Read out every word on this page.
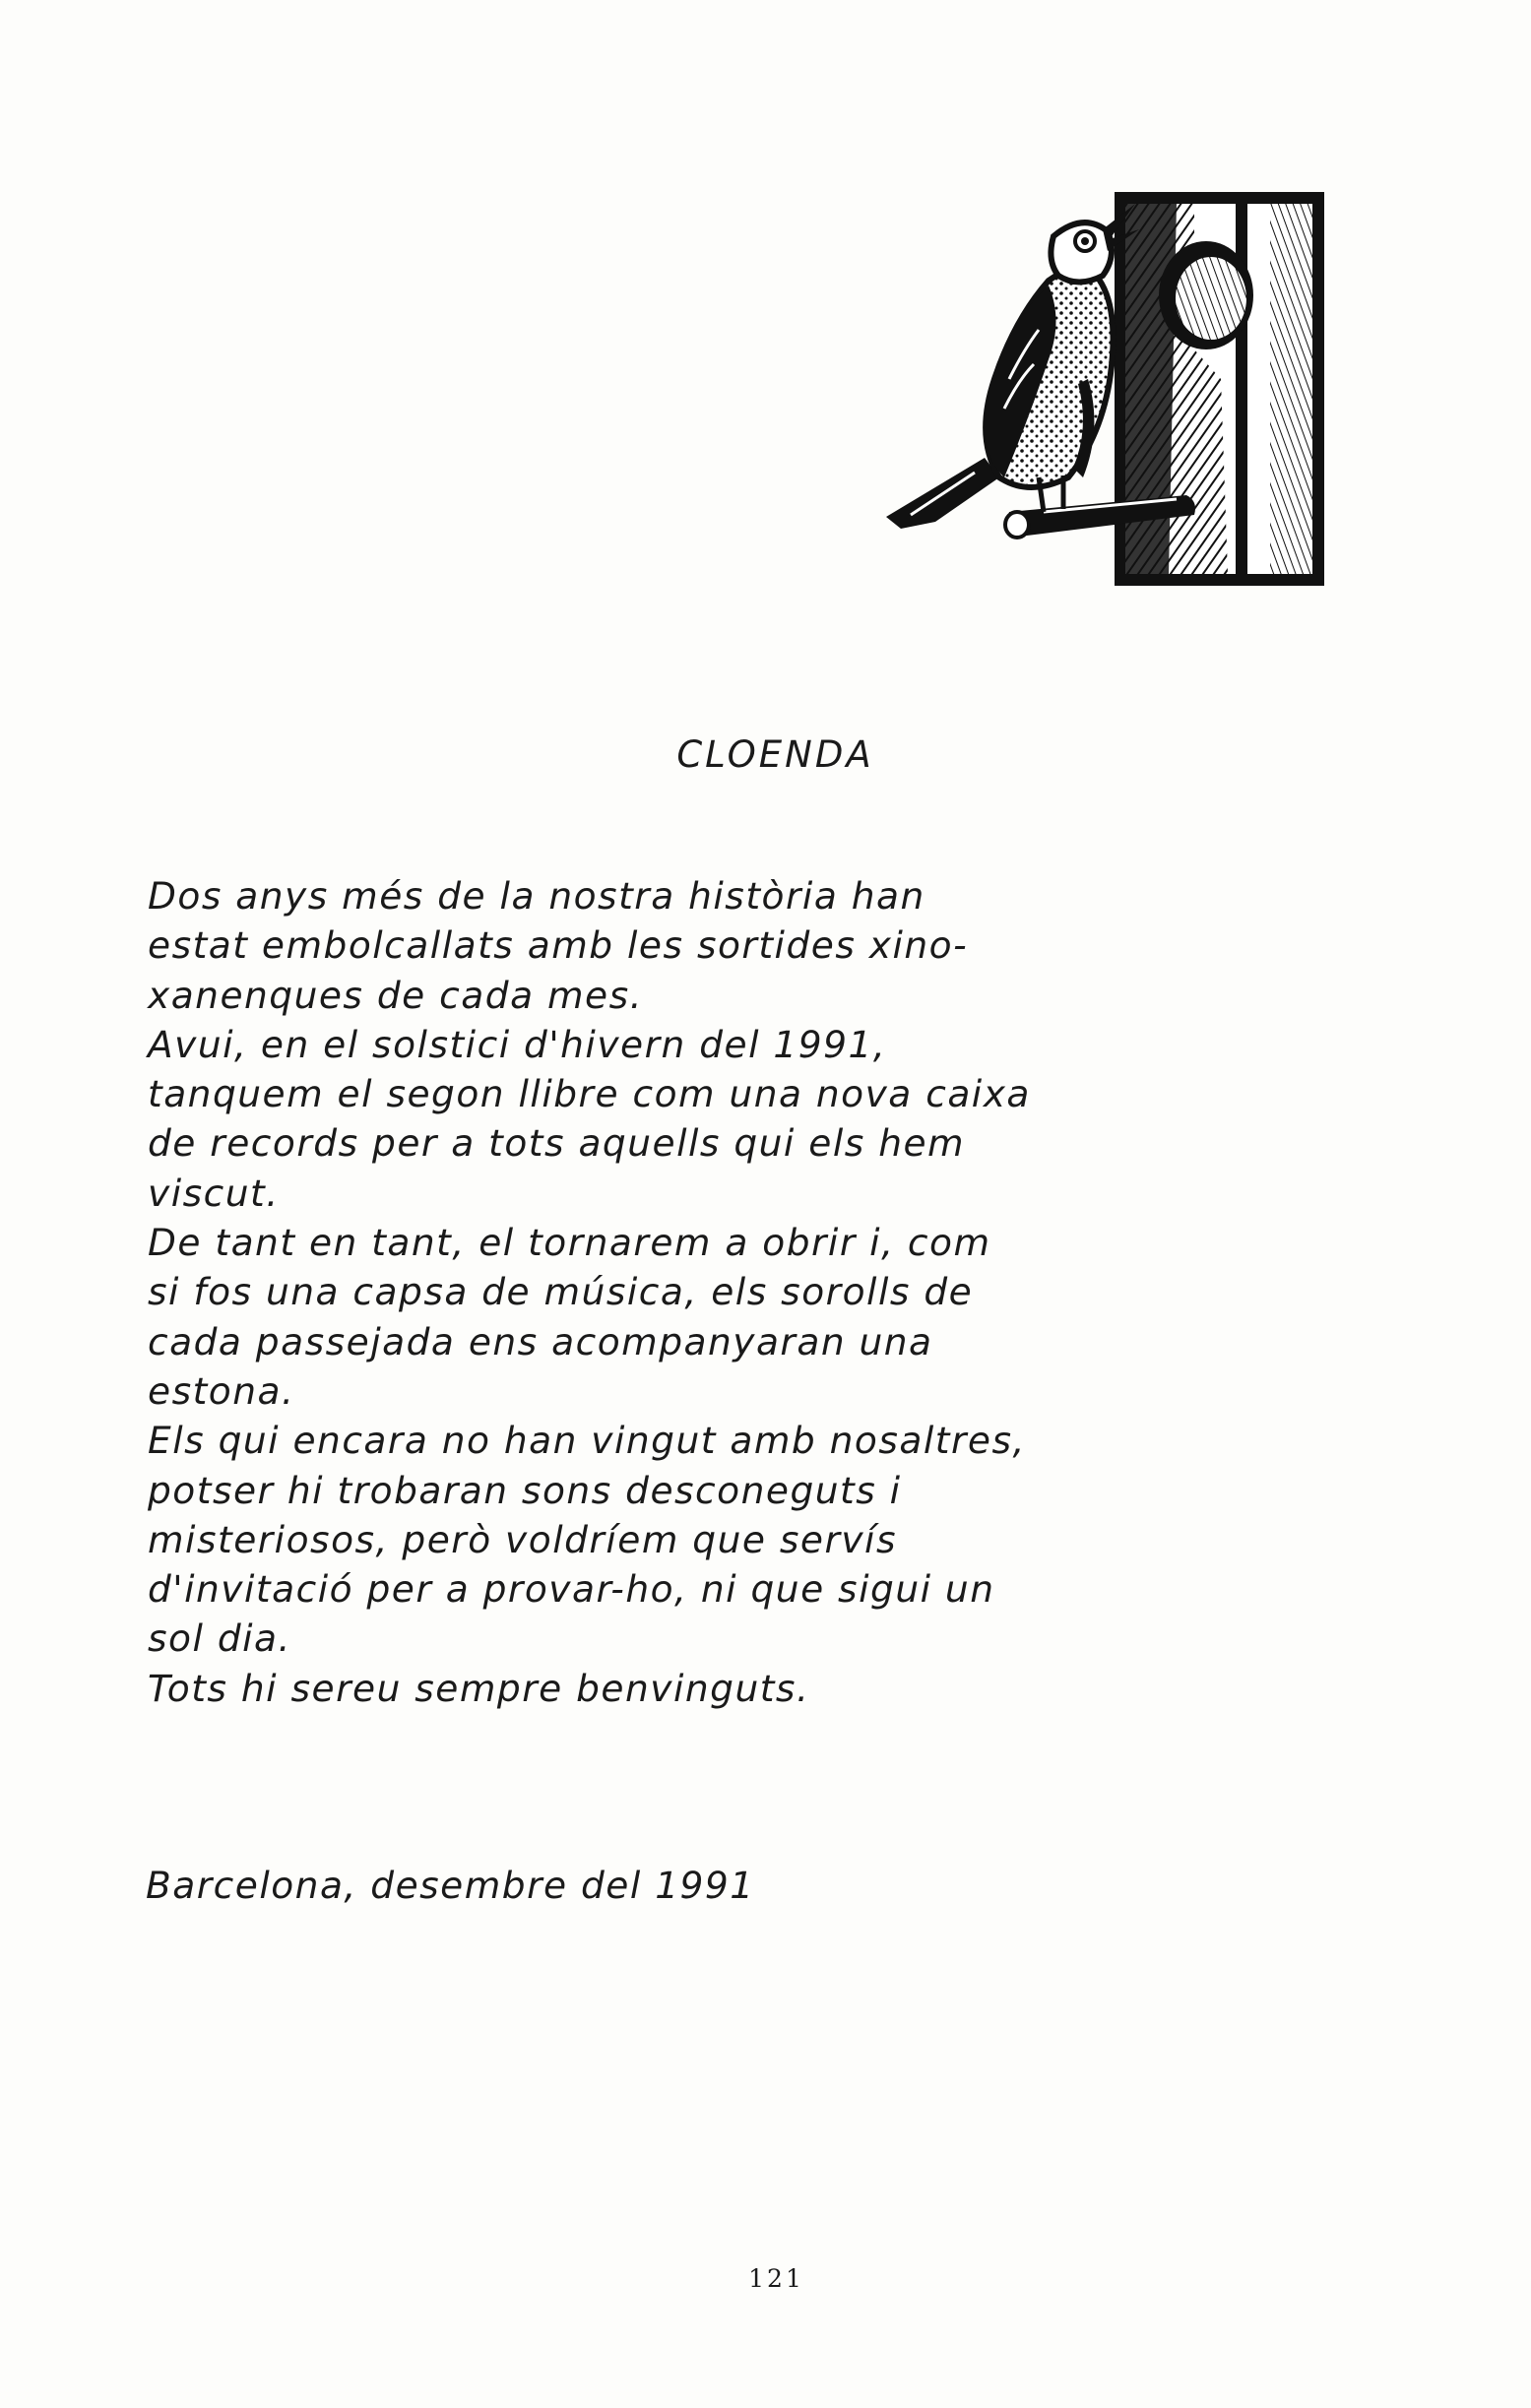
CLOENDA
Dos anys més de la nostra història han
estat embolcallats amb les sortides xino-
xanenques de cada mes.
Avui, en el solstici d'hivern del 1991,
tanquem el segon llibre com una nova caixa
de records per a tots aquells qui els hem
viscut.
De tant en tant, el tornarem a obrir i, com
si fos una capsa de música, els sorolls de
cada passejada ens acompanyaran una
estona.
Els qui encara no han vingut amb nosaltres,
potser hi trobaran sons desconeguts i
misteriosos, però voldríem que servís
d'invitació per a provar-ho, ni que sigui un
sol dia.
Tots hi sereu sempre benvinguts.
Barcelona, desembre del 1991
121
